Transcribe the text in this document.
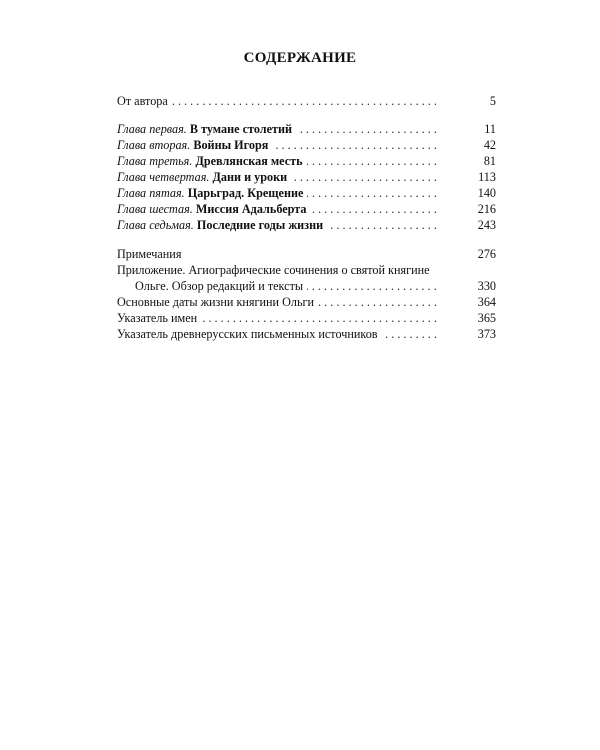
СОДЕРЖАНИЕ
. . .
От автора	5
. . .
Глава первая. В тумане столетий	11
. . .
Глава вторая. Войны Игоря	42
. . .
Глава третья. Древлянская месть	81
. . .
Глава четвертая. Дани и уроки	113
. . .
Глава пятая. Царьград. Крещение	140
. . .
Глава шестая. Миссия Адальберта	216
. . .
Глава седьмая. Последние годы жизни	243
Примечания	276
Приложение. Агиографические сочинения о святой княгине
. . .
Ольге. Обзор редакций и тексты	330
. . .
Основные даты жизни княгини Ольги	364
. . .
Указатель имен	365
. . .
Указатель древнерусских письменных источников	373
